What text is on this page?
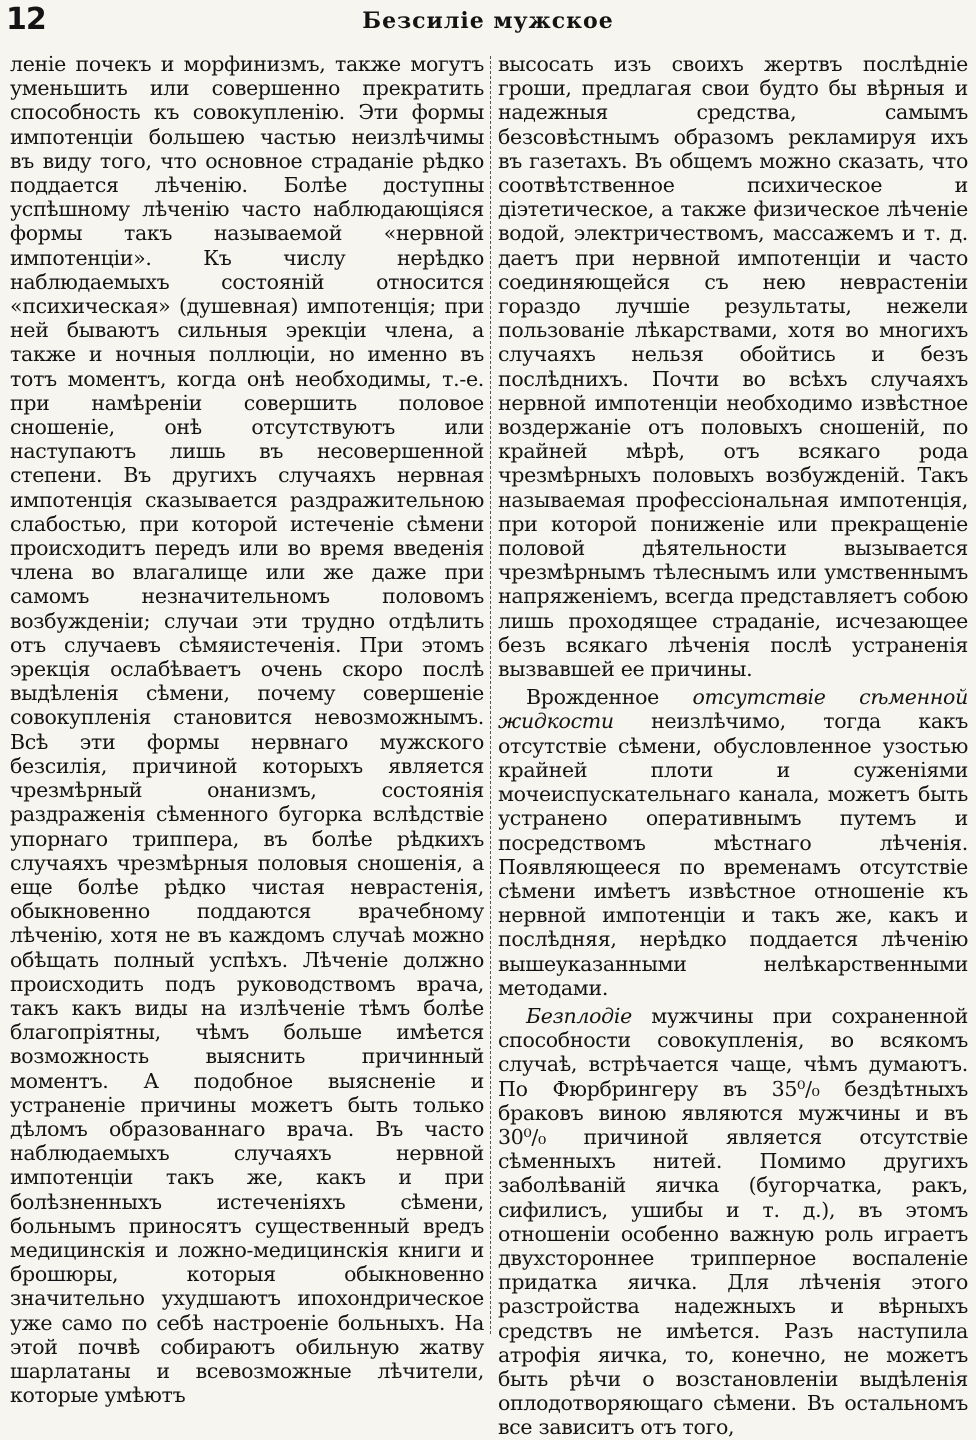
12	Безсиліе мужское

леніе почекъ и морфинизмъ, также могутъ уменьшить или совершенно прекратить способность къ совокупленію. Эти формы импотенціи большею частью неизлѣчимы въ виду того, что основное страданіе рѣдко поддается лѣченію. Болѣе доступны успѣшному лѣченію часто наблюдающіяся формы такъ называемой «нервной импотенціи». Къ числу нерѣдко наблюдаемыхъ состояній относится «психическая» (душевная) импотенція; при ней бываютъ сильныя эрекціи члена, а также и ночныя поллюціи, но именно въ тотъ моментъ, когда онѣ необходимы, т.-е. при намѣреніи совершить половое сношеніе, онѣ отсутствуютъ или наступаютъ лишь въ несовершенной степени. Въ другихъ случаяхъ нервная импотенція сказывается раздражительною слабостью, при которой истеченіе сѣмени происходитъ передъ или во время введенія члена во влагалище или же даже при самомъ незначительномъ половомъ возбужденіи; случаи эти трудно отдѣлить отъ случаевъ сѣмяистеченія. При этомъ эрекція ослабѣваетъ очень скоро послѣ выдѣленія сѣмени, почему совершеніе совокупленія становится невозможнымъ. Всѣ эти формы нервнаго мужского безсилія, причиной которыхъ является чрезмѣрный онанизмъ, состоянія раздраженія сѣменного бугорка вслѣдствіе упорнаго триппера, въ болѣе рѣдкихъ случаяхъ чрезмѣрныя половыя сношенія, а еще болѣе рѣдко чистая неврастенія, обыкновенно поддаются врачебному лѣченію, хотя не въ каждомъ случаѣ можно обѣщать полный успѣхъ. Лѣченіе должно происходить подъ руководствомъ врача, такъ какъ виды на излѣченіе тѣмъ болѣе благопріятны, чѣмъ больше имѣется возможность выяснить причинный моментъ. А подобное выясненіе и устраненіе причины можетъ быть только дѣломъ образованнаго врача. Въ часто наблюдаемыхъ случаяхъ нервной импотенціи такъ же, какъ и при болѣзненныхъ истеченіяхъ сѣмени, больнымъ приносятъ существенный вредъ медицинскія и ложно-медицинскія книги и брошюры, которыя обыкновенно значительно ухудшаютъ ипохондрическое уже само по себѣ настроеніе больныхъ. На этой почвѣ собираютъ обильную жатву шарлатаны и всевозможные лѣчители, которые умѣютъ

высосать изъ своихъ жертвъ послѣдніе гроши, предлагая свои будто бы вѣрныя и надежныя средства, самымъ безсовѣстнымъ образомъ рекламируя ихъ въ газетахъ. Въ общемъ можно сказать, что соотвѣтственное психическое и діэтетическое, а также физическое лѣченіе водой, электричествомъ, массажемъ и т. д. даетъ при нервной импотенціи и часто соединяющейся съ нею неврастеніи гораздо лучшіе результаты, нежели пользованіе лѣкарствами, хотя во многихъ случаяхъ нельзя обойтись и безъ послѣднихъ. Почти во всѣхъ случаяхъ нервной импотенціи необходимо извѣстное воздержаніе отъ половыхъ сношеній, по крайней мѣрѣ, отъ всякаго рода чрезмѣрныхъ половыхъ возбужденій. Такъ называемая профессіональная импотенція, при которой пониженіе или прекращеніе половой дѣятельности вызывается чрезмѣрнымъ тѣлеснымъ или умственнымъ напряженіемъ, всегда представляетъ собою лишь проходящее страданіе, исчезающее безъ всякаго лѣченія послѣ устраненія вызвавшей ее причины.

Врожденное отсутствіе сѣменной жидкости неизлѣчимо, тогда какъ отсутствіе сѣмени, обусловленное узостью крайней плоти и суженіями мочеиспускательнаго канала, можетъ быть устранено оперативнымъ путемъ и посредствомъ мѣстнаго лѣченія. Появляющееся по временамъ отсутствіе сѣмени имѣетъ извѣстное отношеніе къ нервной импотенціи и такъ же, какъ и послѣдняя, нерѣдко поддается лѣченію вышеуказанными нелѣкарственными методами.

Безплодіе мужчины при сохраненной способности совокупленія, во всякомъ случаѣ, встрѣчается чаще, чѣмъ думаютъ. По Фюрбрингеру въ 35⁰/₀ бездѣтныхъ браковъ виною являются мужчины и въ 30⁰/₀ причиной является отсутствіе сѣменныхъ нитей. Помимо другихъ заболѣваній яичка (бугорчатка, ракъ, сифилисъ, ушибы и т. д.), въ этомъ отношеніи особенно важную роль играетъ двухстороннее трипперное воспаленіе придатка яичка. Для лѣченія этого разстройства надежныхъ и вѣрныхъ средствъ не имѣется. Разъ наступила атрофія яичка, то, конечно, не можетъ быть рѣчи о возстановленіи выдѣленія оплодотворяющаго сѣмени. Въ остальномъ все зависитъ отъ того,
